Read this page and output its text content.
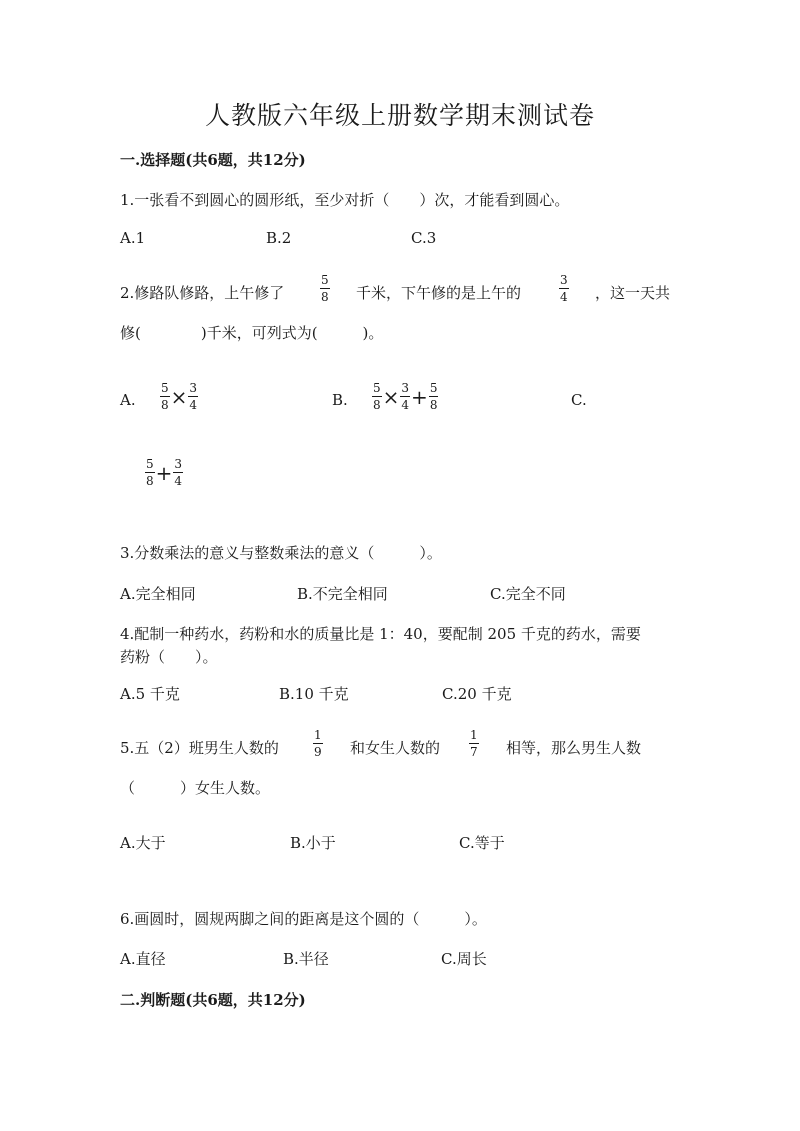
人教版六年级上册数学期末测试卷
一.选择题(共6题，共12分)
1.一张看不到圆心的圆形纸，至少对折（　　）次，才能看到圆心。
A.1	B.2	C.3
2.修路队修路，上午修了	$\frac{5}{8}$ 千米，下午修的是上午的	$\frac{3}{4}$ ，这一天共
修(　　　　)千米，可列式为(　　　)。
A. $\frac{5}{8} \times \frac{3}{4}$	B. $\frac{5}{8} \times \frac{3}{4} + \frac{5}{8}$	C.
$\frac{5}{8} + \frac{3}{4}$
3.分数乘法的意义与整数乘法的意义（　　　）。
A.完全相同	B.不完全相同	C.完全不同
4.配制一种药水，药粉和水的质量比是 1：40，要配制 205 千克的药水，需要
药粉（　　）。
A.5 千克	B.10 千克	C.20 千克
5.五（2）班男生人数的	$\frac{1}{9}$ 和女生人数的 $\frac{1}{7}$ 相等，那么男生人数
（　　　）女生人数。
A.大于	B.小于	C.等于
6.画圆时，圆规两脚之间的距离是这个圆的（　　　）。
A.直径	B.半径	C.周长
二.判断题(共6题，共12分)
